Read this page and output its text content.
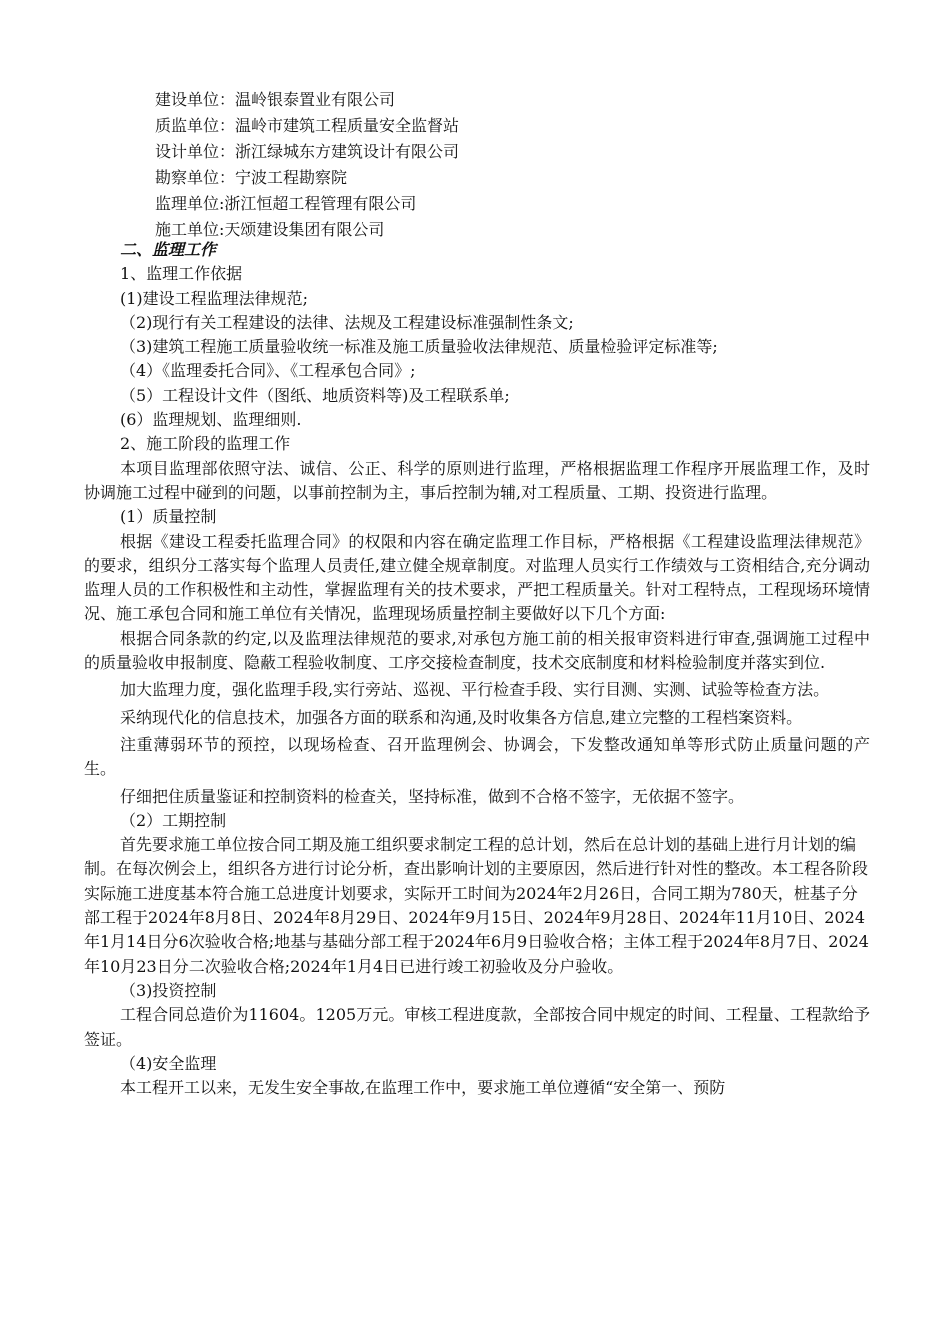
建设单位：温岭银泰置业有限公司
质监单位：温岭市建筑工程质量安全监督站
设计单位：浙江绿城东方建筑设计有限公司
勘察单位：宁波工程勘察院
监理单位:浙江恒超工程管理有限公司
施工单位:天颂建设集团有限公司
二、监理工作
1、监理工作依据
(1)建设工程监理法律规范;
（2)现行有关工程建设的法律、法规及工程建设标准强制性条文;
（3)建筑工程施工质量验收统一标准及施工质量验收法律规范、质量检验评定标准等;
（4）《监理委托合同》、《工程承包合同》;
（5）工程设计文件（图纸、地质资料等)及工程联系单;
(6）监理规划、监理细则.
2、施工阶段的监理工作
本项目监理部依照守法、诚信、公正、科学的原则进行监理，严格根据监理工作程序开展监理工作，及时协调施工过程中碰到的问题，以事前控制为主，事后控制为辅,对工程质量、工期、投资进行监理。
(1）质量控制
根据《建设工程委托监理合同》的权限和内容在确定监理工作目标，严格根据《工程建设监理法律规范》的要求，组织分工落实每个监理人员责任,建立健全规章制度。对监理人员实行工作绩效与工资相结合,充分调动监理人员的工作积极性和主动性，掌握监理有关的技术要求，严把工程质量关。针对工程特点，工程现场环境情况、施工承包合同和施工单位有关情况，监理现场质量控制主要做好以下几个方面:
根据合同条款的约定,以及监理法律规范的要求,对承包方施工前的相关报审资料进行审查,强调施工过程中的质量验收申报制度、隐蔽工程验收制度、工序交接检查制度，技术交底制度和材料检验制度并落实到位.
加大监理力度，强化监理手段,实行旁站、巡视、平行检查手段、实行目测、实测、试验等检查方法。
采纳现代化的信息技术，加强各方面的联系和沟通,及时收集各方信息,建立完整的工程档案资料。
注重薄弱环节的预控，以现场检查、召开监理例会、协调会，下发整改通知单等形式防止质量问题的产生。
仔细把住质量鉴证和控制资料的检查关，坚持标准，做到不合格不签字，无依据不签字。
（2）工期控制
首先要求施工单位按合同工期及施工组织要求制定工程的总计划，然后在总计划的基础上进行月计划的编制。在每次例会上，组织各方进行讨论分析，查出影响计划的主要原因，然后进行针对性的整改。本工程各阶段实际施工进度基本符合施工总进度计划要求，实际开工时间为2024年2月26日，合同工期为780天，桩基子分部工程于2024年8月8日、2024年8月29日、2024年9月15日、2024年9月28日、2024年11月10日、2024年1月14日分6次验收合格;地基与基础分部工程于2024年6月9日验收合格；主体工程于2024年8月7日、2024年10月23日分二次验收合格;2024年1月4日已进行竣工初验收及分户验收。
（3)投资控制
工程合同总造价为11604。1205万元。审核工程进度款，全部按合同中规定的时间、工程量、工程款给予签证。
（4)安全监理
本工程开工以来，无发生安全事故,在监理工作中，要求施工单位遵循“安全第一、预防
